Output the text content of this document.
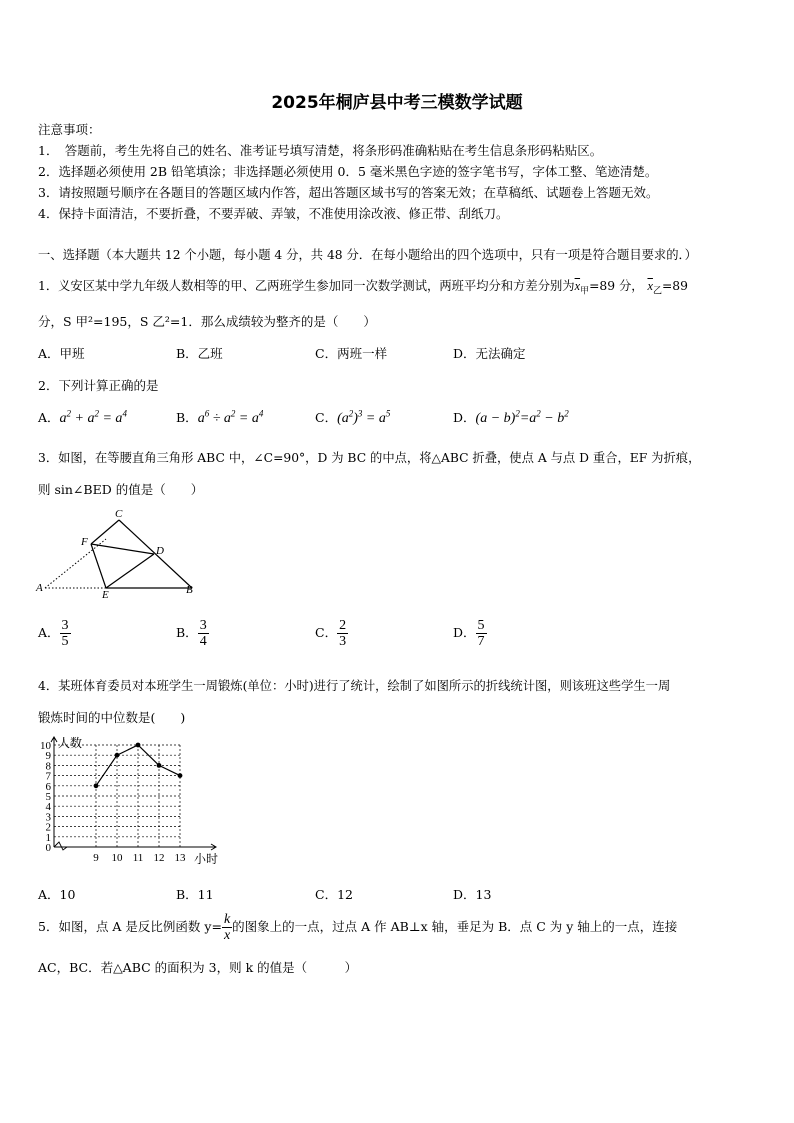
2025年桐庐县中考三模数学试题
注意事项：
1．　答题前，考生先将自己的姓名、准考证号填写清楚，将条形码准确粘贴在考生信息条形码粘贴区。
2．选择题必须使用 2B 铅笔填涂；非选择题必须使用 0．5 毫米黑色字迹的签字笔书写，字体工整、笔迹清楚。
3．请按照题号顺序在各题目的答题区域内作答，超出答题区域书写的答案无效；在草稿纸、试题卷上答题无效。
4．保持卡面清洁，不要折叠，不要弄破、弄皱，不准使用涂改液、修正带、刮纸刀。
一、选择题（本大题共 12 个小题，每小题 4 分，共 48 分．在每小题给出的四个选项中，只有一项是符合题目要求的．）
1．义安区某中学九年级人数相等的甲、乙两班学生参加同一次数学测试，两班平均分和方差分别为$\overline{x}_甲=89$ 分， $\overline{x}_乙=89$
分，S 甲²=195，S 乙²=1．那么成绩较为整齐的是（　　）
A．甲班	B．乙班	C．两班一样	D．无法确定
2．下列计算正确的是
A．$a^2 + a^2 = a^4$	B．$a^6 \div a^2 = a^4$	C．$(a^2)^3 = a^5$	D．$(a - b)^2=a^2 - b^2$
3．如图，在等腰直角三角形 ABC 中，∠C=90°，D 为 BC 的中点，将△ABC 折叠，使点 A 与点 D 重合，EF 为折痕，
则 sin∠BED 的值是（　　）
C
F
D
A
E	B
A． $\frac{3}{5}$	B． $\frac{3}{4}$	C． $\frac{2}{3}$	D． $\frac{5}{7}$
4．某班体育委员对本班学生一周锻炼(单位：小时)进行了统计，绘制了如图所示的折线统计图，则该班这些学生一周
锻炼时间的中位数是(　　)
0
1
2
3
4
5
6
7
8
9
10
9 10 11 12 13
人数
小时
A．10	B．11	C．12	D．13
5．如图，点 A 是反比例函数 $y= \frac{k}{x}$ 的图象上的一点，过点 A 作 AB⊥x 轴，垂足为 B．点 C 为 y 轴上的一点，连接
AC，BC．若△ABC 的面积为 3，则 k 的值是（　　　）
